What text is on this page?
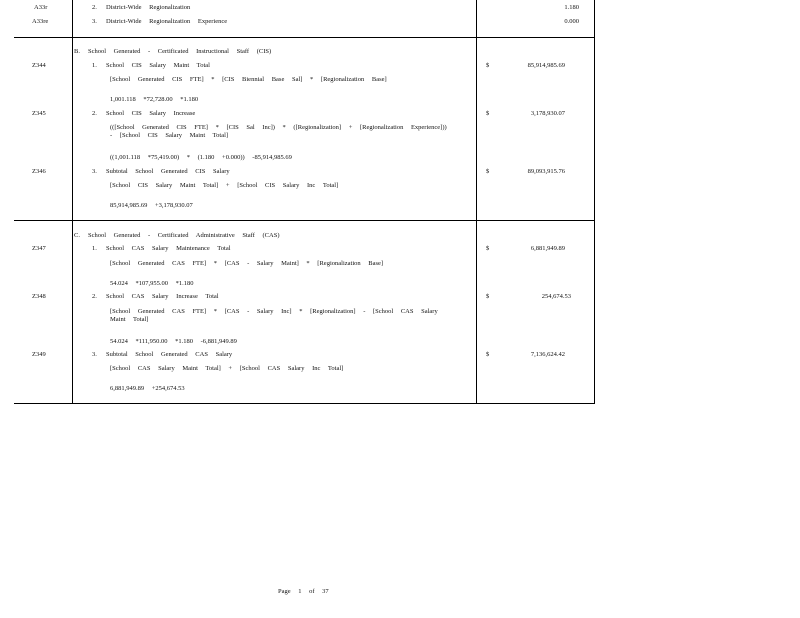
A33r	2. District-Wide Regionalization	1.180
A33re	3. District-Wide Regionalization Experience	0.000
B. School Generated - Certificated Instructional Staff (CIS)
Z344	1. School CIS Salary Maint Total
[School Generated CIS FTE] * [CIS Biennial Base Sal] * [Regionalization Base]
1,001.118 *72,728.00 *1.180
$	85,914,985.69
Z345	2. School CIS Salary Increase
(([School Generated CIS FTE] * [CIS Sal Inc]) * ([Regionalization] + [Regionalization Experience])) - [School CIS Salary Maint Total]
((1,001.118 *75,419.00) * (1.180 +0.000)) -85,914,985.69
$	3,178,930.07
Z346	3. Subtotal School Generated CIS Salary
[School CIS Salary Maint Total] + [School CIS Salary Inc Total]
85,914,985.69 +3,178,930.07
$	89,093,915.76
C. School Generated - Certificated Administrative Staff (CAS)
Z347	1. School CAS Salary Maintenance Total
[School Generated CAS FTE] * [CAS - Salary Maint] * [Regionalization Base]
54.024 *107,955.00 *1.180
$	6,881,949.89
Z348	2. School CAS Salary Increase Total
[School Generated CAS FTE] * [CAS - Salary Inc] * [Regionalization] - [School CAS Salary Maint Total]
54.024 *111,950.00 *1.180 -6,881,949.89
$	254,674.53
Z349	3. Subtotal School Generated CAS Salary
[School CAS Salary Maint Total] + [School CAS Salary Inc Total]
6,881,949.89 +254,674.53
$	7,136,624.42
Page 1 of 37
